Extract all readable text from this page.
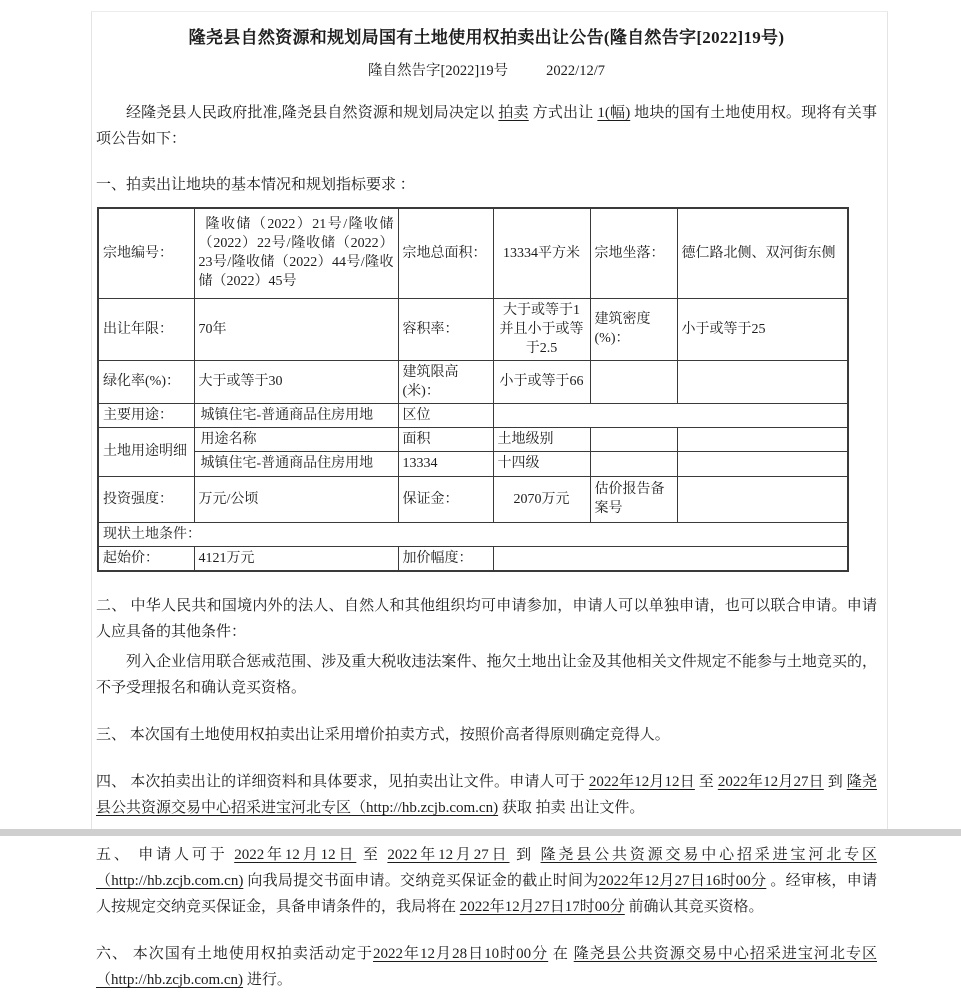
隆尧县自然资源和规划局国有土地使用权拍卖出让公告(隆自然告字[2022]19号)
隆自然告字[2022]19号	2022/12/7

经隆尧县人民政府批准,隆尧县自然资源和规划局决定以 拍卖 方式出让 1(幅) 地块的国有土地使用权。现将有关事项公告如下：

一、拍卖出让地块的基本情况和规划指标要求 ：
宗地编号：	隆收储（2022）21号/隆收储（2022）22号/隆收储（2022）23号/隆收储（2022）44号/隆收储（2022）45号	宗地总面积：	13334平方米	宗地坐落：	德仁路北侧、双河街东侧
出让年限：	70年	容积率：	大于或等于1并且小于或等于2.5	建筑密度(%)：	小于或等于25
绿化率(%)：	大于或等于30	建筑限高(米)：	小于或等于66		
主要用途：	城镇住宅-普通商品住房用地	区位			
土地用途明细	用途名称	面积	土地级别		
	城镇住宅-普通商品住房用地	13334	十四级		
投资强度：	万元/公顷	保证金：	2070万元	估价报告备案号	
现状土地条件：					
起始价：	4121万元	加价幅度：			

二、 中华人民共和国境内外的法人、自然人和其他组织均可申请参加，申请人可以单独申请，也可以联合申请。申请人应具备的其他条件：

列入企业信用联合惩戒范围、涉及重大税收违法案件、拖欠土地出让金及其他相关文件规定不能参与土地竞买的，不予受理报名和确认竞买资格。

三、 本次国有土地使用权拍卖出让采用增价拍卖方式，按照价高者得原则确定竞得人。

四、 本次拍卖出让的详细资料和具体要求，见拍卖出让文件。申请人可于 2022年12月12日 至 2022年12月27日 到 隆尧县公共资源交易中心招采进宝河北专区（http://hb.zcjb.com.cn) 获取 拍卖 出让文件。

五、 申请人可于 2022年12月12日 至 2022年12月27日 到 隆尧县公共资源交易中心招采进宝河北专区（http://hb.zcjb.com.cn) 向我局提交书面申请。交纳竞买保证金的截止时间为2022年12月27日16时00分 。经审核，申请人按规定交纳竞买保证金，具备申请条件的，我局将在 2022年12月27日17时00分 前确认其竞买资格。

六、 本次国有土地使用权拍卖活动定于2022年12月28日10时00分 在 隆尧县公共资源交易中心招采进宝河北专区（http://hb.zcjb.com.cn) 进行。
